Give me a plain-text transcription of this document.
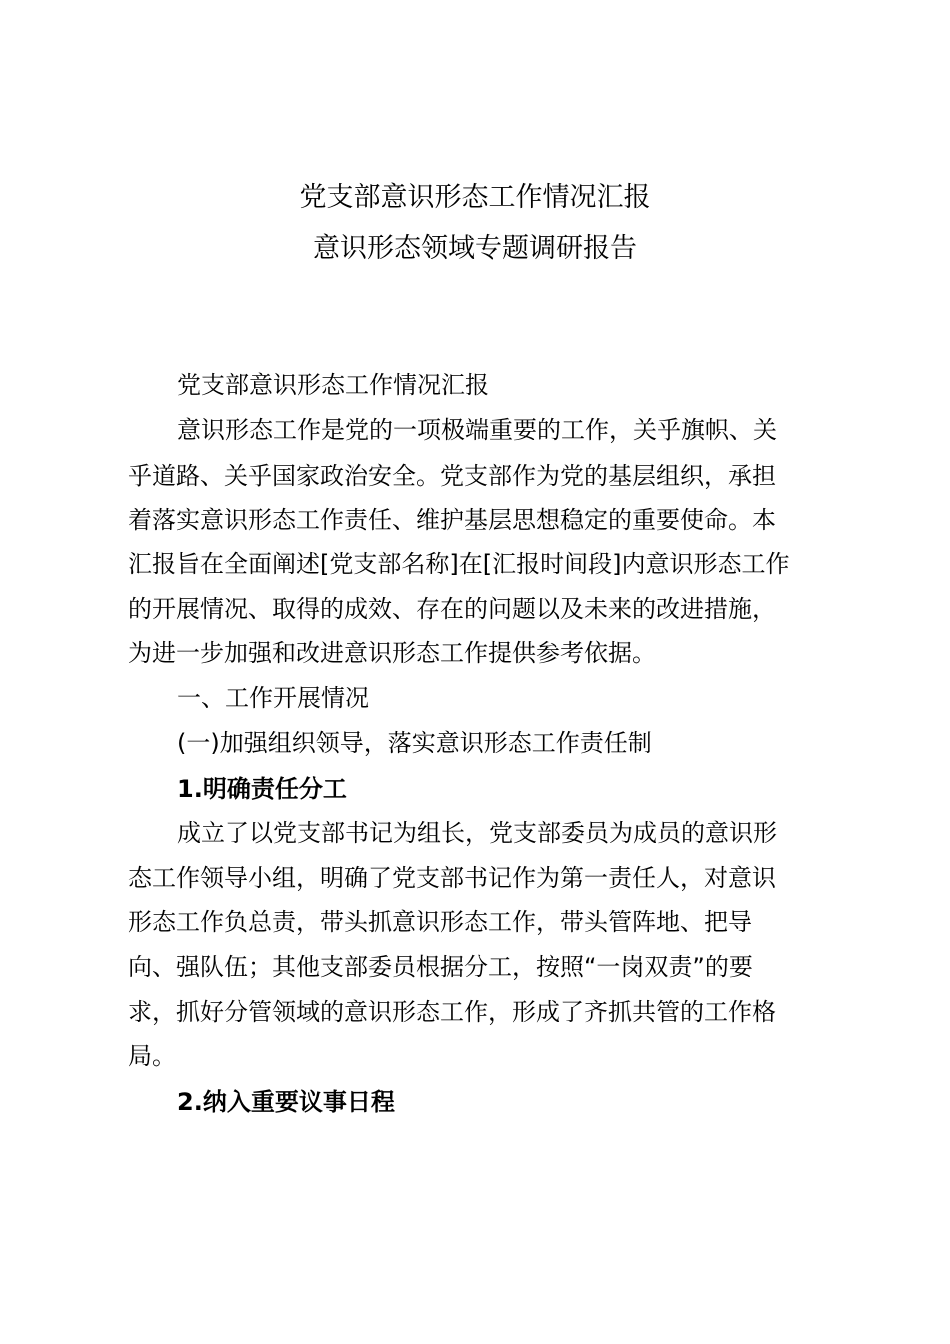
党支部意识形态工作情况汇报
意识形态领域专题调研报告
党支部意识形态工作情况汇报
意识形态工作是党的一项极端重要的工作，关乎旗帜、关
乎道路、关乎国家政治安全。党支部作为党的基层组织，承担
着落实意识形态工作责任、维护基层思想稳定的重要使命。本
汇报旨在全面阐述[党支部名称]在[汇报时间段]内意识形态工作
的开展情况、取得的成效、存在的问题以及未来的改进措施，
为进一步加强和改进意识形态工作提供参考依据。
一、工作开展情况
(一)加强组织领导，落实意识形态工作责任制
1.明确责任分工
成立了以党支部书记为组长，党支部委员为成员的意识形
态工作领导小组，明确了党支部书记作为第一责任人，对意识
形态工作负总责，带头抓意识形态工作，带头管阵地、把导
向、强队伍；其他支部委员根据分工，按照“一岗双责”的要
求，抓好分管领域的意识形态工作，形成了齐抓共管的工作格
局。
2.纳入重要议事日程
